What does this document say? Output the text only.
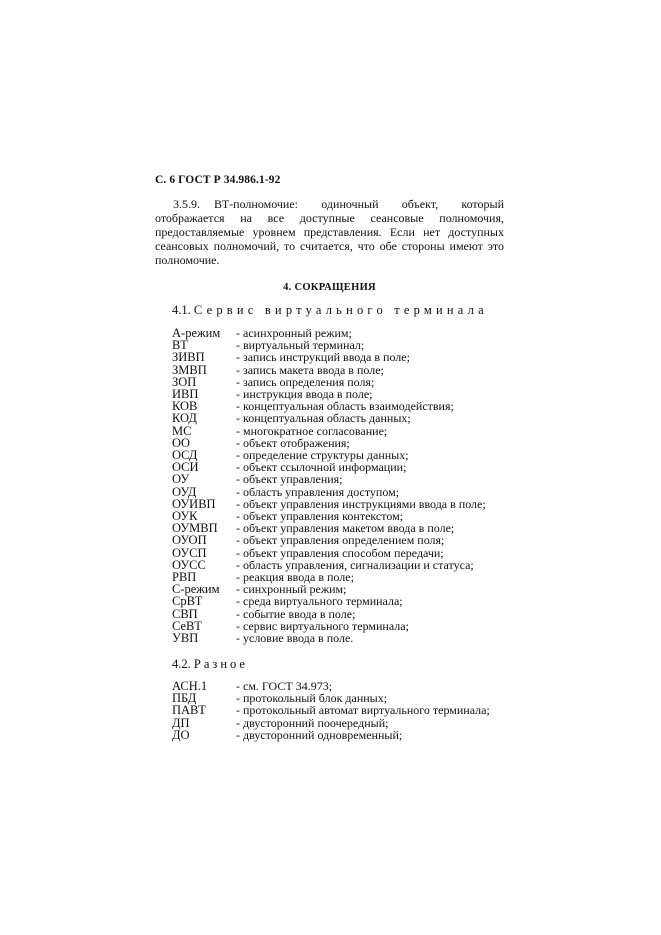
С. 6 ГОСТ Р 34.986.1-92
3.5.9. ВТ-полномочие: одиночный объект, который отображается на все доступные сеансовые полномочия, предоставляемые уровнем представления. Если нет доступных сеансовых полномочий, то считается, что обе стороны имеют это полномочие.
4. СОКРАЩЕНИЯ
4.1. Сервис виртуального терминала
А-режим	- асинхронный режим;
ВТ	- виртуальный терминал;
ЗИВП	- запись инструкций ввода в поле;
ЗМВП	- запись макета ввода в поле;
ЗОП	- запись определения поля;
ИВП	- инструкция ввода в поле;
КОВ	- концептуальная область взаимодействия;
КОД	- концептуальная область данных;
МС	- многократное согласование;
ОО	- объект отображения;
ОСД	- определение структуры данных;
ОСИ	- объект ссылочной информации;
ОУ	- объект управления;
ОУД	- область управления доступом;
ОУИВП	- объект управления инструкциями ввода в поле;
ОУК	- объект управления контекстом;
ОУМВП	- объект управления макетом ввода в поле;
ОУОП	- объект управления определением поля;
ОУСП	- объект управления способом передачи;
ОУСС	- область управления, сигнализации и статуса;
РВП	- реакция ввода в поле;
С-режим	- синхронный режим;
СрВТ	- среда виртуального терминала;
СВП	- событие ввода в поле;
СеВТ	- сервис виртуального терминала;
УВП	- условие ввода в поле.
4.2. Разное
АСН.1	- см. ГОСТ 34.973;
ПБД	- протокольный блок данных;
ПАВТ	- протокольный автомат виртуального терминала;
ДП	- двусторонний поочередный;
ДО	- двусторонний одновременный;
